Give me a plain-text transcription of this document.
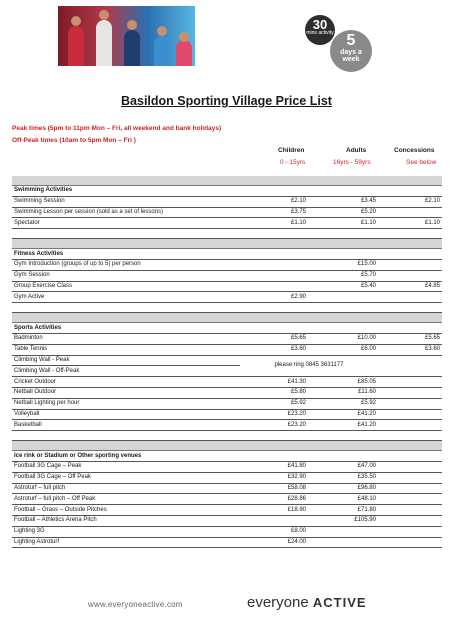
30
mins activity 5
days a week
Basildon Sporting Village Price List
Peak times (5pm to 11pm Mon – Fri, all weekend and bank holidays)
Off-Peak times (10am to 5pm Mon – Fri )
Children	Adults	Concessions
0 - 15yrs	16yrs - 59yrs	See below

Swimming Activities			
Swimming Session	£2.10	£3.45	£2.10
Swimming Lesson per session (sold as a set of lessons)	£3.75	£5.20	
Spectator	£1.10	£1.10	£1.10

Fitness Activities			
Gym Introduction (groups of up to 5) per person		£15.00	
Gym Session		£5.70	
Group Exercise Class		£5.40	£4.85
Gym Active	£2.90		

Sports Activities			
Badminton	£5.65	£10.00	£5.65
Table Tennis	£3.60	£6.00	£3.60
Climbing Wall - Peak	please ring 0845 3631177		
Climbing Wall - Off-Peak			
Cricket Outdoor	£41.30	£85.05	
Netball Outdoor	£5.80	£11.60	
Netball Lighting per hour	£5.92	£5.92	
Volleyball	£23.20	£41.20	
Basketball	£23.20	£41.20	

Ice rink or Stadium or Other sporting venues			
Football 3G Cage – Peak	£41.80	£47.00	
Football 3G Cage – Off Peak	£32.90	£35.50	
Astroturf – full pitch	£58.08	£96.80	
Astroturf – full pitch – Off Peak	£28.86	£48.10	
Football – Grass – Outside Pitches	£18.90	£71.80	
Football – Athletics Arena Pitch		£105.90	
Lighting 3G	£8.00		
Lighting Astroturf	£24.00		
www.everyoneactive.com	everyone ACTIVE
